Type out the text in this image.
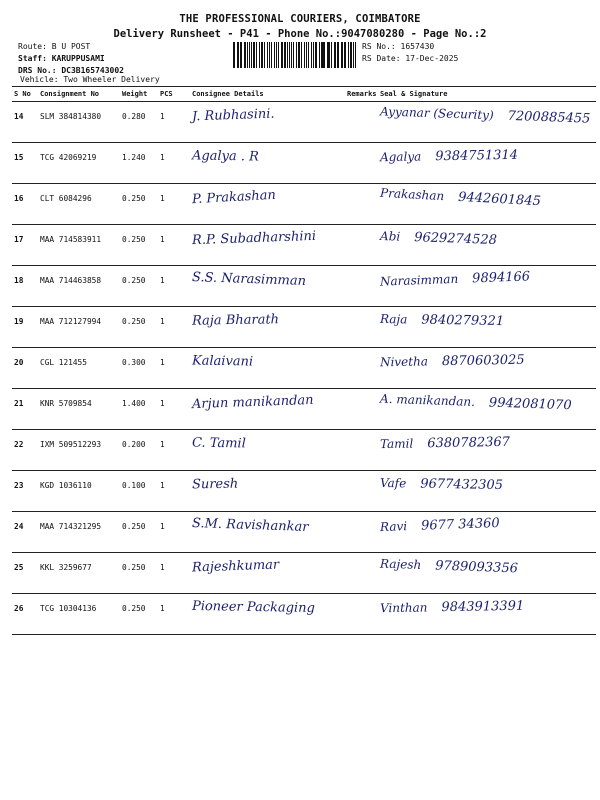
THE PROFESSIONAL COURIERS, COIMBATORE
Delivery Runsheet - P41 - Phone No.:9047080280 - Page No.:2
Route: B U POST
Staff: KARUPPUSAMI
DRS No.: DC3B165743002
RS No.: 1657430
RS Date: 17-Dec-2025
Vehicle: Two Wheeler Delivery
S No	Consignment No	Weight	PCS	Consignee Details	Remarks	Seal & Signature
14	SLM 384814380	0.280	1	J. Rubhasini.		Ayyanar (Security) 7200885455
15	TCG 42069219	1.240	1	Agalya . R		Agalya 9384751314
16	CLT 6084296	0.250	1	P. Prakashan		Prakashan 9442601845
17	MAA 714583911	0.250	1	R.P. Subadharshini		Abi 9629274528
18	MAA 714463858	0.250	1	S.S. Narasimman		Narasimman 9894166
19	MAA 712127994	0.250	1	Raja Bharath		Raja 9840279321
20	CGL 121455	0.300	1	Kalaivani		Nivetha 8870603025
21	KNR 5709854	1.400	1	Arjun manikandan		A. manikandan. 9942081070
22	IXM 509512293	0.200	1	C. Tamil		Tamil 6380782367
23	KGD 1036110	0.100	1	Suresh		Vafe 9677432305
24	MAA 714321295	0.250	1	S.M. Ravishankar		Ravi 9677 34360
25	KKL 3259677	0.250	1	Rajeshkumar		Rajesh 9789093356
26	TCG 10304136	0.250	1	Pioneer Packaging		Vinthan 9843913391
